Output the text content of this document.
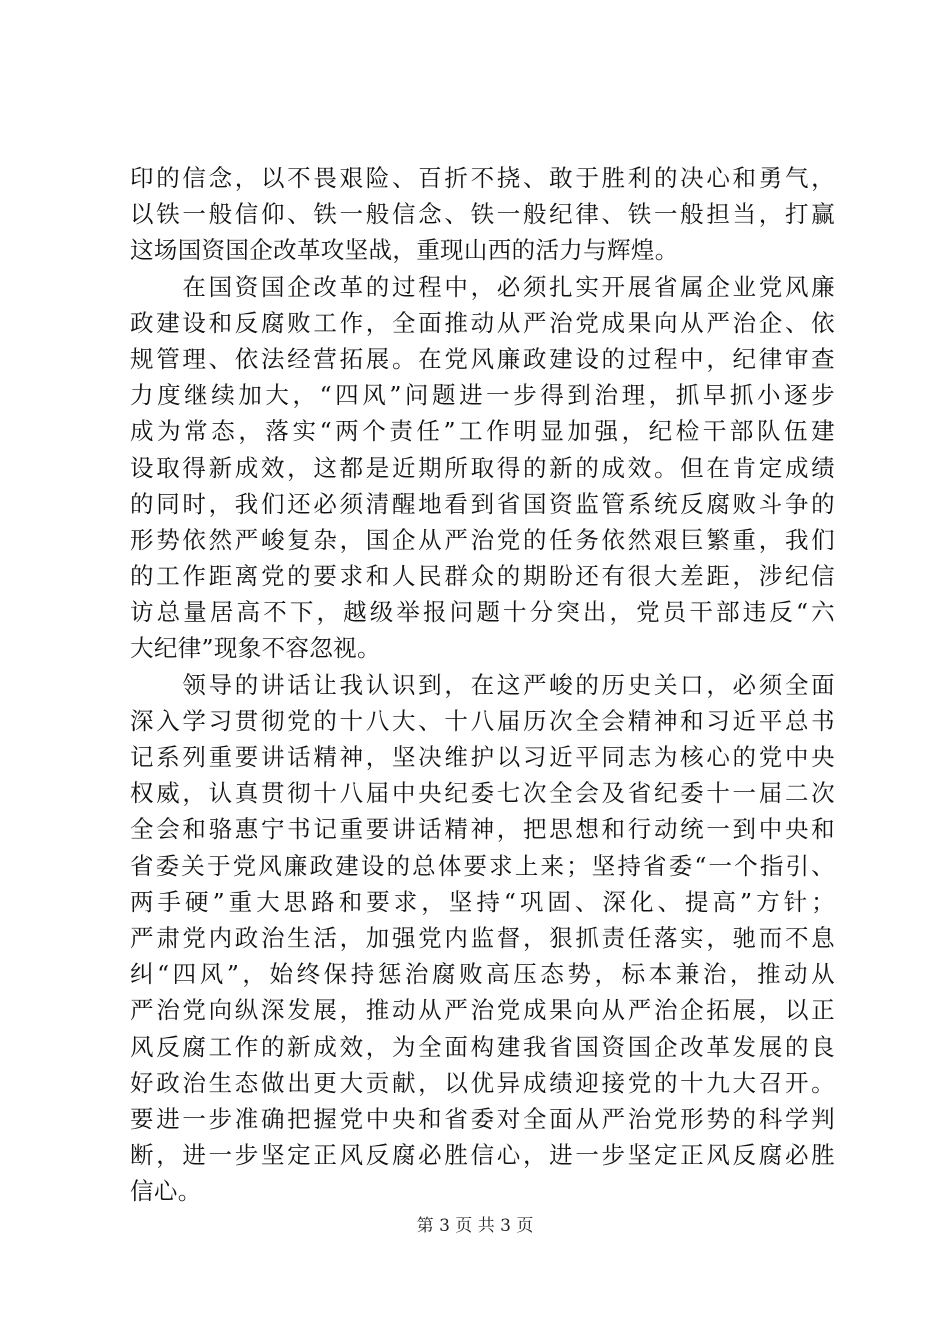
印的信念，以不畏艰险、百折不挠、敢于胜利的决心和勇气，
以铁一般信仰、铁一般信念、铁一般纪律、铁一般担当，打赢
这场国资国企改革攻坚战，重现山西的活力与辉煌。
　　在国资国企改革的过程中，必须扎实开展省属企业党风廉
政建设和反腐败工作，全面推动从严治党成果向从严治企、依
规管理、依法经营拓展。在党风廉政建设的过程中，纪律审查
力度继续加大，“四风”问题进一步得到治理，抓早抓小逐步
成为常态，落实“两个责任”工作明显加强，纪检干部队伍建
设取得新成效，这都是近期所取得的新的成效。但在肯定成绩
的同时，我们还必须清醒地看到省国资监管系统反腐败斗争的
形势依然严峻复杂，国企从严治党的任务依然艰巨繁重，我们
的工作距离党的要求和人民群众的期盼还有很大差距，涉纪信
访总量居高不下，越级举报问题十分突出，党员干部违反“六
大纪律”现象不容忽视。
　　领导的讲话让我认识到，在这严峻的历史关口，必须全面
深入学习贯彻党的十八大、十八届历次全会精神和习近平总书
记系列重要讲话精神，坚决维护以习近平同志为核心的党中央
权威，认真贯彻十八届中央纪委七次全会及省纪委十一届二次
全会和骆惠宁书记重要讲话精神，把思想和行动统一到中央和
省委关于党风廉政建设的总体要求上来；坚持省委“一个指引、
两手硬”重大思路和要求，坚持“巩固、深化、提高”方针；
严肃党内政治生活，加强党内监督，狠抓责任落实，驰而不息
纠“四风”，始终保持惩治腐败高压态势，标本兼治，推动从
严治党向纵深发展，推动从严治党成果向从严治企拓展，以正
风反腐工作的新成效，为全面构建我省国资国企改革发展的良
好政治生态做出更大贡献，以优异成绩迎接党的十九大召开。
要进一步准确把握党中央和省委对全面从严治党形势的科学判
断，进一步坚定正风反腐必胜信心，进一步坚定正风反腐必胜
信心。
第 3 页 共 3 页
